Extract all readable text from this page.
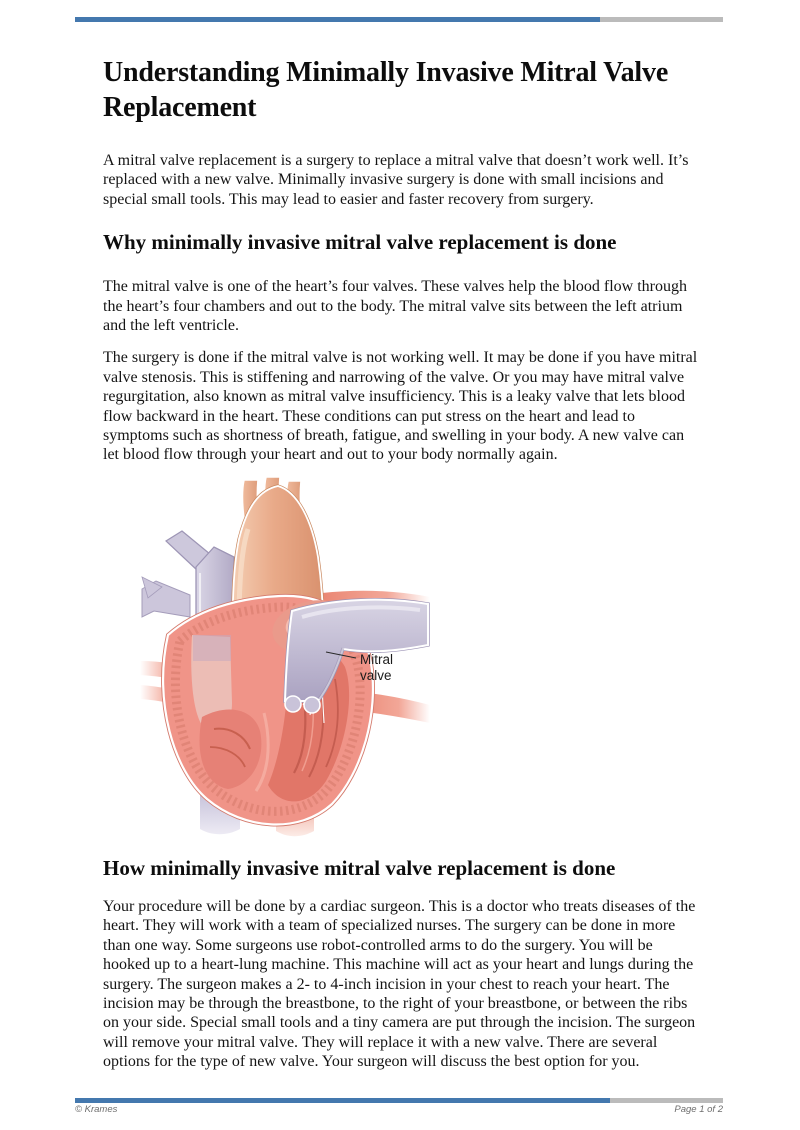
Understanding Minimally Invasive Mitral Valve Replacement

A mitral valve replacement is a surgery to replace a mitral valve that doesn’t work well. It’s replaced with a new valve. Minimally invasive surgery is done with small incisions and special small tools. This may lead to easier and faster recovery from surgery.

Why minimally invasive mitral valve replacement is done

The mitral valve is one of the heart’s four valves. These valves help the blood flow through the heart’s four chambers and out to the body. The mitral valve sits between the left atrium and the left ventricle.

The surgery is done if the mitral valve is not working well. It may be done if you have mitral valve stenosis. This is stiffening and narrowing of the valve. Or you may have mitral valve regurgitation, also known as mitral valve insufficiency. This is a leaky valve that lets blood flow backward in the heart. These conditions can put stress on the heart and lead to symptoms such as shortness of breath, fatigue, and swelling in your body. A new valve can let blood flow through your heart and out to your body normally again.

Mitral
valve
How minimally invasive mitral valve replacement is done

Your procedure will be done by a cardiac surgeon. This is a doctor who treats diseases of the heart. They will work with a team of specialized nurses. The surgery can be done in more than one way. Some surgeons use robot-controlled arms to do the surgery. You will be hooked up to a heart-lung machine. This machine will act as your heart and lungs during the surgery. The surgeon makes a 2- to 4-inch incision in your chest to reach your heart. The incision may be through the breastbone, to the right of your breastbone, or between the ribs on your side. Special small tools and a tiny camera are put through the incision. The surgeon will remove your mitral valve. They will replace it with a new valve. There are several options for the type of new valve. Your surgeon will discuss the best option for you.

© Krames	Page 1 of 2
